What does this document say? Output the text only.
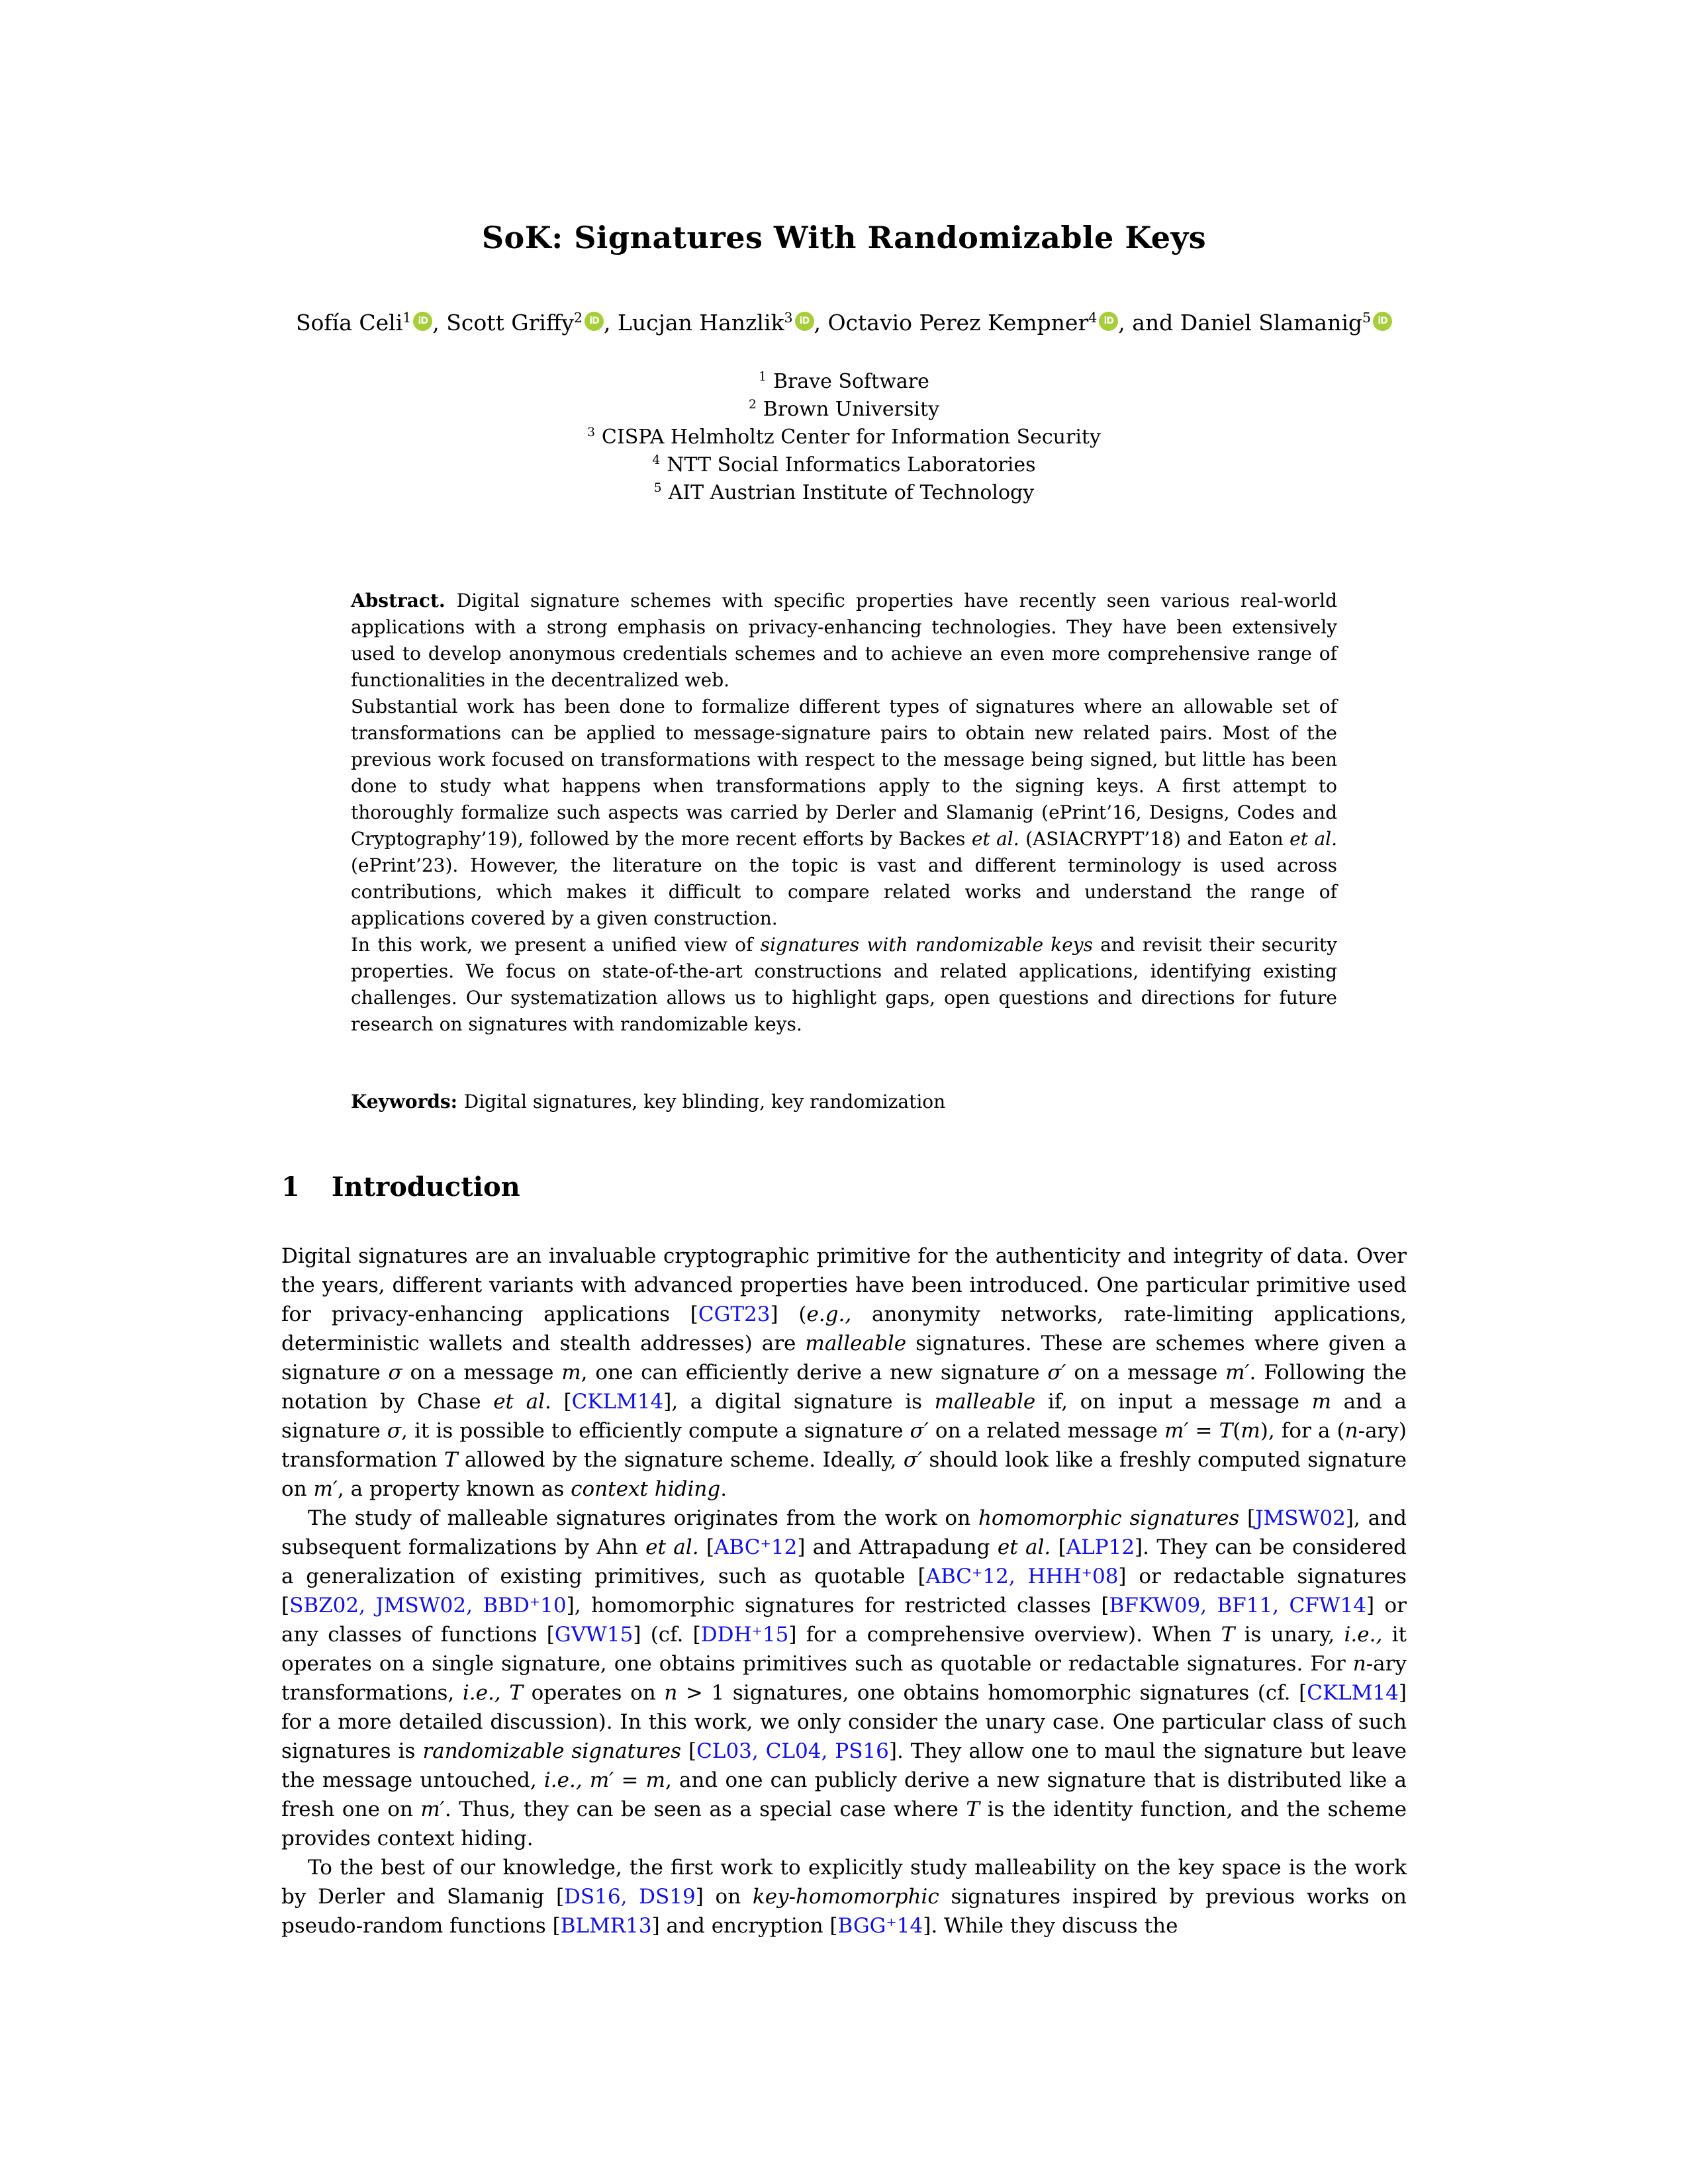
SoK: Signatures With Randomizable Keys
Sofía Celi$^1$ iD , Scott Griffy$^2$ iD , Lucjan Hanzlik$^3$ iD , Octavio Perez Kempner$^4$ iD , and Daniel Slamanig$^5$ iD
$^1$ Brave Software
$^2$ Brown University
$^3$ CISPA Helmholtz Center for Information Security
$^4$ NTT Social Informatics Laboratories
$^5$ AIT Austrian Institute of Technology

Abstract. Digital signature schemes with specific properties have recently seen various real-world applications with a strong emphasis on privacy-enhancing technologies. They have been extensively used to develop anonymous credentials schemes and to achieve an even more comprehensive range of functionalities in the decentralized web.

Substantial work has been done to formalize different types of signatures where an allowable set of transformations can be applied to message-signature pairs to obtain new related pairs. Most of the previous work focused on transformations with respect to the message being signed, but little has been done to study what happens when transformations apply to the signing keys. A first attempt to thoroughly formalize such aspects was carried by Derler and Slamanig (ePrint’16, Designs, Codes and Cryptography’19), followed by the more recent efforts by Backes et al. (ASIACRYPT’18) and Eaton et al. (ePrint’23). However, the literature on the topic is vast and different terminology is used across contributions, which makes it difficult to compare related works and understand the range of applications covered by a given construction.

In this work, we present a unified view of signatures with randomizable keys and revisit their security properties. We focus on state-of-the-art constructions and related applications, identifying existing challenges. Our systematization allows us to highlight gaps, open questions and directions for future research on signatures with randomizable keys.

Keywords: Digital signatures, key blinding, key randomization
1 Introduction

Digital signatures are an invaluable cryptographic primitive for the authenticity and integrity of data. Over the years, different variants with advanced properties have been introduced. One particular primitive used for privacy-enhancing applications [CGT23] (e.g., anonymity networks, rate-limiting applications, deterministic wallets and stealth addresses) are malleable signatures. These are schemes where given a signature σ on a message m, one can efficiently derive a new signature σ′ on a message m′. Following the notation by Chase et al. [CKLM14], a digital signature is malleable if, on input a message m and a signature σ, it is possible to efficiently compute a signature σ′ on a related message m′ = T(m), for a (n-ary) transformation T allowed by the signature scheme. Ideally, σ′ should look like a freshly computed signature on m′, a property known as context hiding.

The study of malleable signatures originates from the work on homomorphic signatures [JMSW02], and subsequent formalizations by Ahn et al. [ABC⁺12] and Attrapadung et al. [ALP12]. They can be considered a generalization of existing primitives, such as quotable [ABC⁺12, HHH⁺08] or redactable signatures [SBZ02, JMSW02, BBD⁺10], homomorphic signatures for restricted classes [BFKW09, BF11, CFW14] or any classes of functions [GVW15] (cf. [DDH⁺15] for a comprehensive overview). When T is unary, i.e., it operates on a single signature, one obtains primitives such as quotable or redactable signatures. For n-ary transformations, i.e., T operates on n > 1 signatures, one obtains homomorphic signatures (cf. [CKLM14] for a more detailed discussion). In this work, we only consider the unary case. One particular class of such signatures is randomizable signatures [CL03, CL04, PS16]. They allow one to maul the signature but leave the message untouched, i.e., m′ = m, and one can publicly derive a new signature that is distributed like a fresh one on m′. Thus, they can be seen as a special case where T is the identity function, and the scheme provides context hiding.

To the best of our knowledge, the first work to explicitly study malleability on the key space is the work by Derler and Slamanig [DS16, DS19] on key-homomorphic signatures inspired by previous works on pseudo-random functions [BLMR13] and encryption [BGG⁺14]. While they discuss the
